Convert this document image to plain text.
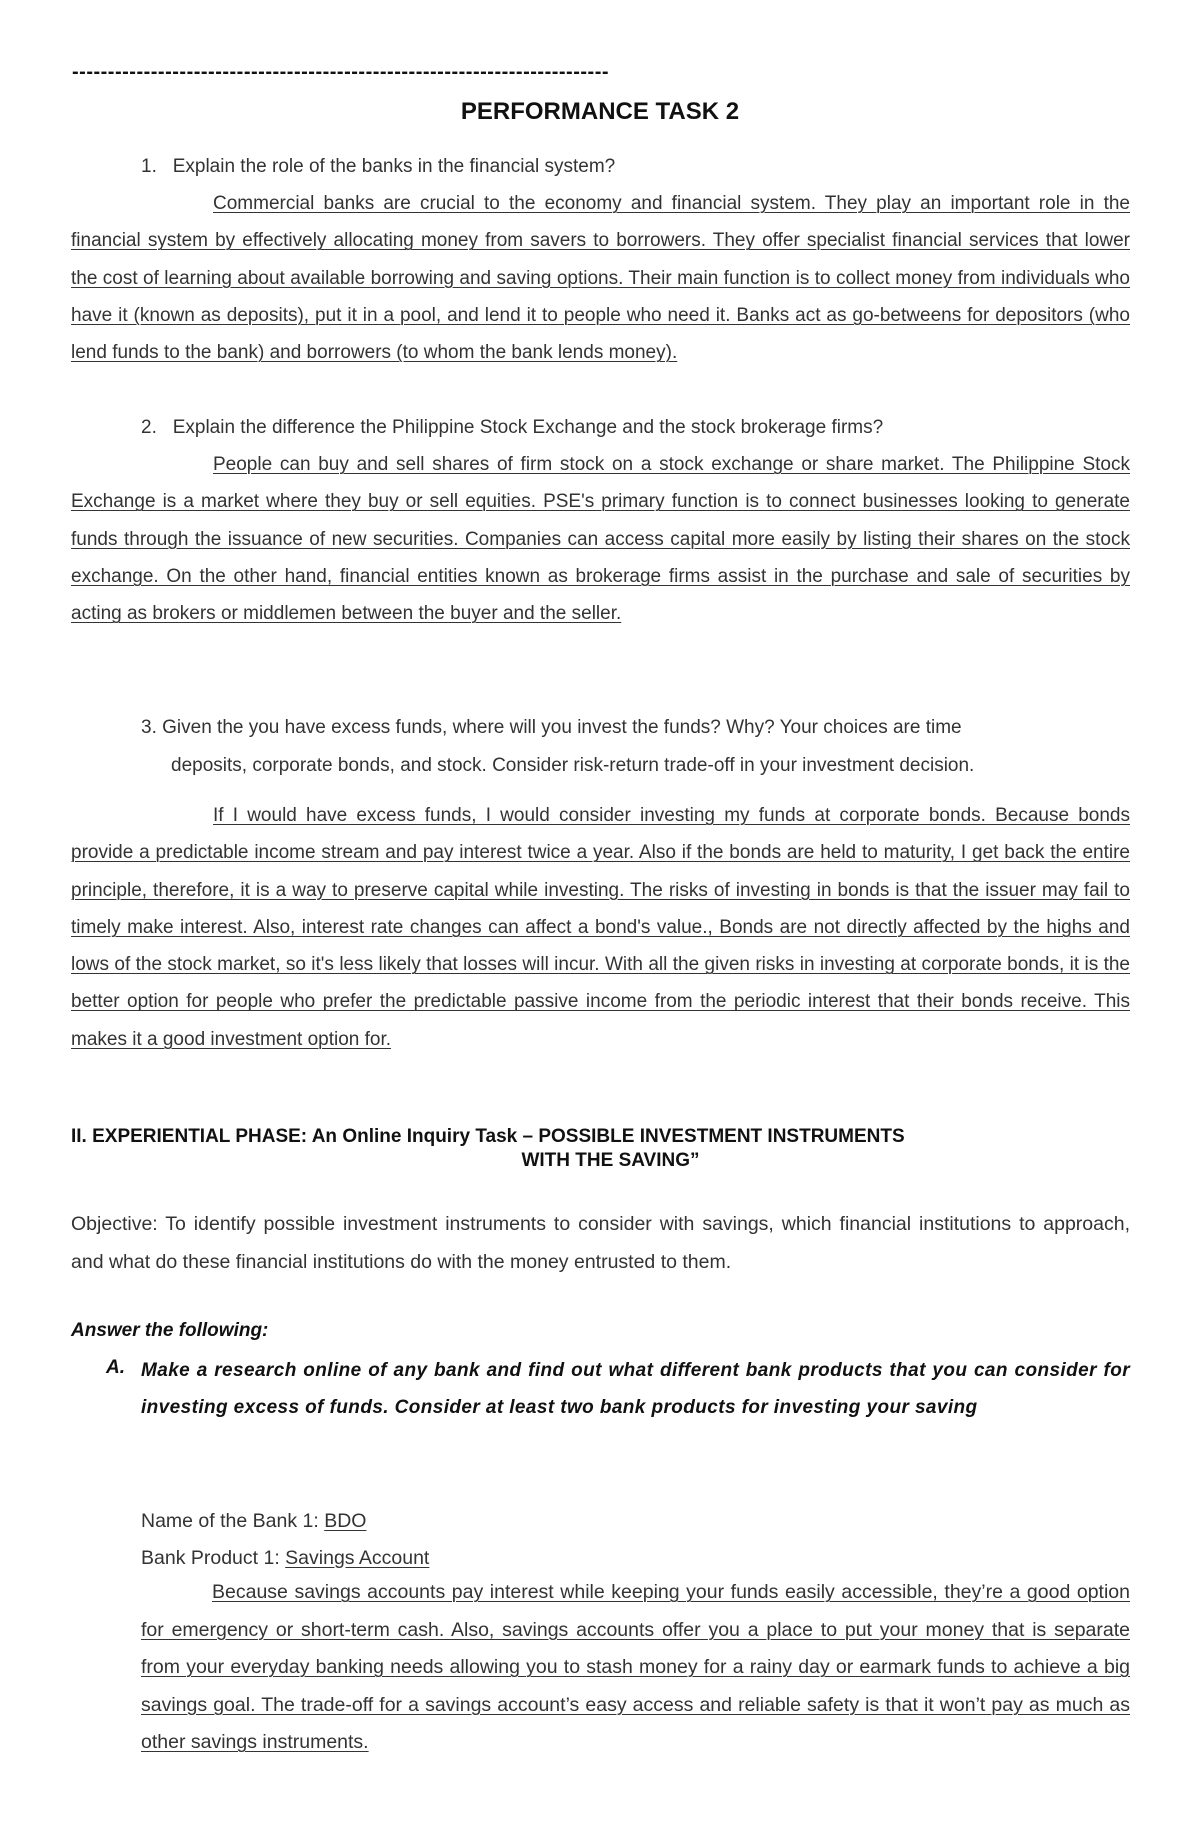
---------------------------------------------------------------------------
PERFORMANCE TASK 2
1. Explain the role of the banks in the financial system?
Commercial banks are crucial to the economy and financial system. They play an important role in the financial system by effectively allocating money from savers to borrowers. They offer specialist financial services that lower the cost of learning about available borrowing and saving options. Their main function is to collect money from individuals who have it (known as deposits), put it in a pool, and lend it to people who need it. Banks act as go-betweens for depositors (who lend funds to the bank) and borrowers (to whom the bank lends money).
2. Explain the difference the Philippine Stock Exchange and the stock brokerage firms?
People can buy and sell shares of firm stock on a stock exchange or share market. The Philippine Stock Exchange is a market where they buy or sell equities. PSE's primary function is to connect businesses looking to generate funds through the issuance of new securities. Companies can access capital more easily by listing their shares on the stock exchange. On the other hand, financial entities known as brokerage firms assist in the purchase and sale of securities by acting as brokers or middlemen between the buyer and the seller.
3. Given the you have excess funds, where will you invest the funds? Why? Your choices are time
deposits, corporate bonds, and stock. Consider risk-return trade-off in your investment decision.
If I would have excess funds, I would consider investing my funds at corporate bonds. Because bonds provide a predictable income stream and pay interest twice a year. Also if the bonds are held to maturity, I get back the entire principle, therefore, it is a way to preserve capital while investing. The risks of investing in bonds is that the issuer may fail to timely make interest. Also, interest rate changes can affect a bond's value., Bonds are not directly affected by the highs and lows of the stock market, so it's less likely that losses will incur. With all the given risks in investing at corporate bonds, it is the better option for people who prefer the predictable passive income from the periodic interest that their bonds receive. This makes it a good investment option for.
II. EXPERIENTIAL PHASE: An Online Inquiry Task – POSSIBLE INVESTMENT INSTRUMENTS
WITH THE SAVING”
Objective: To identify possible investment instruments to consider with savings, which financial institutions to approach, and what do these financial institutions do with the money entrusted to them.
Answer the following:
A. Make a research online of any bank and find out what different bank products that you can consider for investing excess of funds. Consider at least two bank products for investing your saving
Name of the Bank 1: BDO
Bank Product 1: Savings Account
Because savings accounts pay interest while keeping your funds easily accessible, they’re a good option for emergency or short-term cash. Also, savings accounts offer you a place to put your money that is separate from your everyday banking needs allowing you to stash money for a rainy day or earmark funds to achieve a big savings goal. The trade-off for a savings account’s easy access and reliable safety is that it won’t pay as much as other savings instruments.
